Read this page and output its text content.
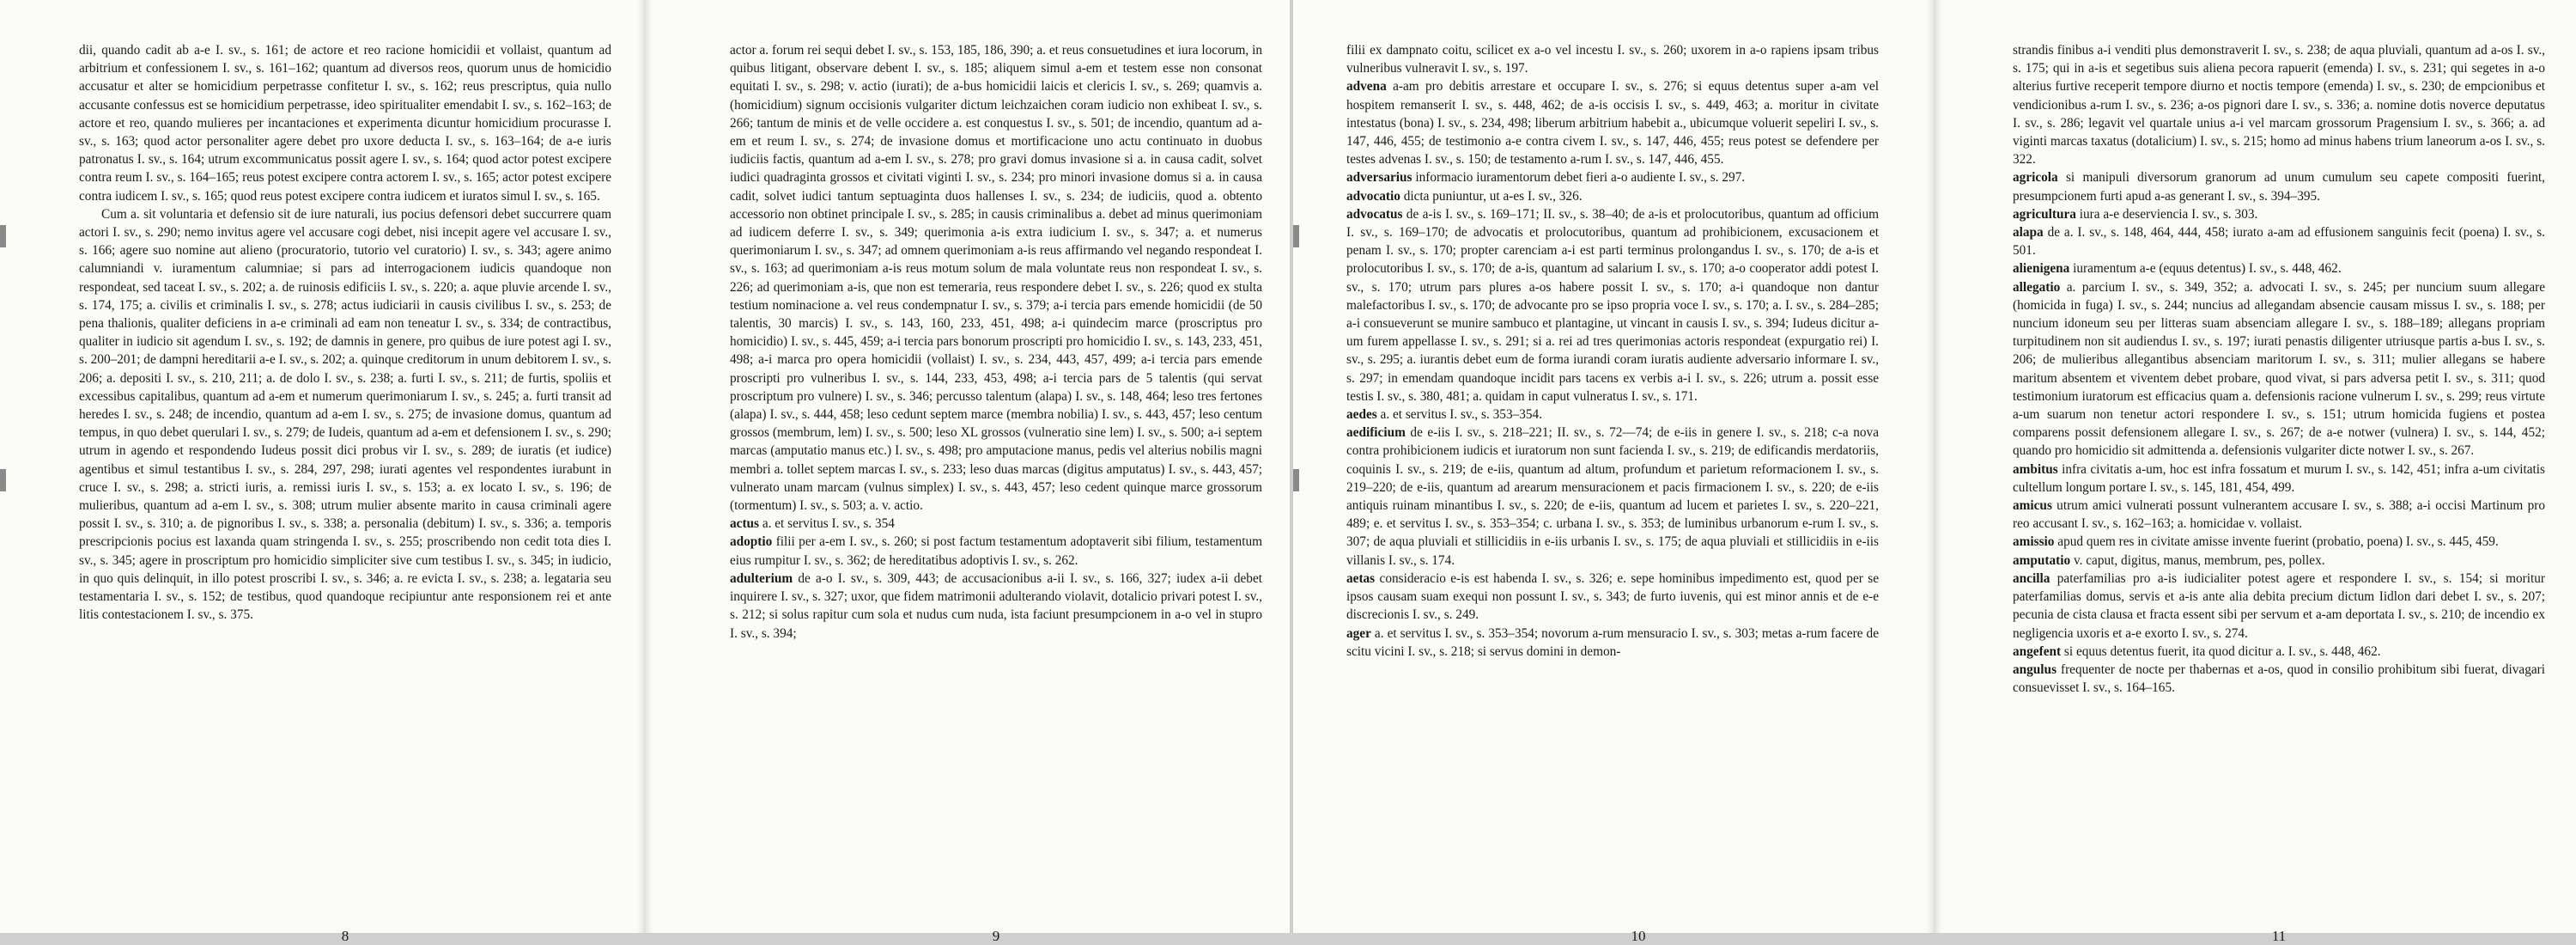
dii, quando cadit ab a-e I. sv., s. 161; de actore et reo racione homicidii et vollaist, quantum ad arbitrium et confessionem I. sv., s. 161–162; quantum ad diversos reos, quorum unus de homicidio accusatur et alter se homicidium perpetrasse confitetur I. sv., s. 162; reus prescriptus, quia nullo accusante confessus est se homicidium perpetrasse, ideo spiritualiter emendabit I. sv., s. 162–163; de actore et reo, quando mulieres per incantaciones et experimenta dicuntur homicidium procurasse I. sv., s. 163; quod actor personaliter agere debet pro uxore deducta I. sv., s. 163–164; de a-e iuris patronatus I. sv., s. 164; utrum excommunicatus possit agere I. sv., s. 164; quod actor potest excipere contra reum I. sv., s. 164–165; reus potest excipere contra actorem I. sv., s. 165; actor potest excipere contra iudicem I. sv., s. 165; quod reus potest excipere contra iudicem et iuratos simul I. sv., s. 165.

Cum a. sit voluntaria et defensio sit de iure naturali, ius pocius defensori debet succurrere quam actori I. sv., s. 290; nemo invitus agere vel accusare cogi debet, nisi incepit agere vel accusare I. sv., s. 166; agere suo nomine aut alieno (procuratorio, tutorio vel curatorio) I. sv., s. 343; agere animo calumniandi v. iuramentum calumniae; si pars ad interrogacionem iudicis quandoque non respondeat, sed taceat I. sv., s. 202; a. de ruinosis edificiis I. sv., s. 220; a. aque pluvie arcende I. sv., s. 174, 175; a. civilis et criminalis I. sv., s. 278; actus iudiciarii in causis civilibus I. sv., s. 253; de pena thalionis, qualiter deficiens in a-e criminali ad eam non teneatur I. sv., s. 334; de contractibus, qualiter in iudicio sit agendum I. sv., s. 192; de damnis in genere, pro quibus de iure potest agi I. sv., s. 200–201; de dampni hereditarii a-e I. sv., s. 202; a. quinque creditorum in unum debitorem I. sv., s. 206; a. depositi I. sv., s. 210, 211; a. de dolo I. sv., s. 238; a. furti I. sv., s. 211; de furtis, spoliis et excessibus capitalibus, quantum ad a-em et numerum querimoniarum I. sv., s. 245; a. furti transit ad heredes I. sv., s. 248; de incendio, quantum ad a-em I. sv., s. 275; de invasione domus, quantum ad tempus, in quo debet querulari I. sv., s. 279; de Iudeis, quantum ad a-em et defensionem I. sv., s. 290; utrum in agendo et respondendo Iudeus possit dici probus vir I. sv., s. 289; de iuratis (et iudice) agentibus et simul testantibus I. sv., s. 284, 297, 298; iurati agentes vel respondentes iurabunt in cruce I. sv., s. 298; a. stricti iuris, a. remissi iuris I. sv., s. 153; a. ex locato I. sv., s. 196; de mulieribus, quantum ad a-em I. sv., s. 308; utrum mulier absente marito in causa criminali agere possit I. sv., s. 310; a. de pignoribus I. sv., s. 338; a. personalia (debitum) I. sv., s. 336; a. temporis prescripcionis pocius est laxanda quam stringenda I. sv., s. 255; proscribendo non cedit tota dies I. sv., s. 345; agere in proscriptum pro homicidio simpliciter sive cum testibus I. sv., s. 345; in iudicio, in quo quis delinquit, in illo potest proscribi I. sv., s. 346; a. re evicta I. sv., s. 238; a. legataria seu testamentaria I. sv., s. 152; de testibus, quod quandoque recipiuntur ante responsionem rei et ante litis contestacionem I. sv., s. 375.

8

actor a. forum rei sequi debet I. sv., s. 153, 185, 186, 390; a. et reus consuetudines et iura locorum, in quibus litigant, observare debent I. sv., s. 185; aliquem simul a-em et testem esse non consonat equitati I. sv., s. 298; v. actio (iurati); de a-bus homicidii laicis et clericis I. sv., s. 269; quamvis a. (homicidium) signum occisionis vulgariter dictum leichzaichen coram iudicio non exhibeat I. sv., s. 266; tantum de minis et de velle occidere a. est conquestus I. sv., s. 501; de incendio, quantum ad a-em et reum I. sv., s. 274; de invasione domus et mortificacione uno actu continuato in duobus iudiciis factis, quantum ad a-em I. sv., s. 278; pro gravi domus invasione si a. in causa cadit, solvet iudici quadraginta grossos et civitati viginti I. sv., s. 234; pro minori invasione domus si a. in causa cadit, solvet iudici tantum septuaginta duos hallenses I. sv., s. 234; de iudiciis, quod a. obtento accessorio non obtinet principale I. sv., s. 285; in causis criminalibus a. debet ad minus querimoniam ad iudicem deferre I. sv., s. 349; querimonia a-is extra iudicium I. sv., s. 347; a. et numerus querimoniarum I. sv., s. 347; ad omnem querimoniam a-is reus affirmando vel negando respondeat I. sv., s. 163; ad querimoniam a-is reus motum solum de mala voluntate reus non respondeat I. sv., s. 226; ad querimoniam a-is, que non est temeraria, reus respondere debet I. sv., s. 226; quod ex stulta testium nominacione a. vel reus condempnatur I. sv., s. 379; a-i tercia pars emende homicidii (de 50 talentis, 30 marcis) I. sv., s. 143, 160, 233, 451, 498; a-i quindecim marce (proscriptus pro homicidio) I. sv., s. 445, 459; a-i tercia pars bonorum proscripti pro homicidio I. sv., s. 143, 233, 451, 498; a-i marca pro opera homicidii (vollaist) I. sv., s. 234, 443, 457, 499; a-i tercia pars emende proscripti pro vulneribus I. sv., s. 144, 233, 453, 498; a-i tercia pars de 5 talentis (qui servat proscriptum pro vulnere) I. sv., s. 346; percusso talentum (alapa) I. sv., s. 148, 464; leso tres fertones (alapa) I. sv., s. 444, 458; leso cedunt septem marce (membra nobilia) I. sv., s. 443, 457; leso centum grossos (membrum, lem) I. sv., s. 500; leso XL grossos (vulneratio sine lem) I. sv., s. 500; a-i septem marcas (amputatio manus etc.) I. sv., s. 498; pro amputacione manus, pedis vel alterius nobilis magni membri a. tollet septem marcas I. sv., s. 233; leso duas marcas (digitus amputatus) I. sv., s. 443, 457; vulnerato unam marcam (vulnus simplex) I. sv., s. 443, 457; leso cedent quinque marce grossorum (tormentum) I. sv., s. 503; a. v. actio.

actus a. et servitus I. sv., s. 354

adoptio filii per a-em I. sv., s. 260; si post factum testamentum adoptaverit sibi filium, testamentum eius rumpitur I. sv., s. 362; de hereditatibus adoptivis I. sv., s. 262.

adulterium de a-o I. sv., s. 309, 443; de accusacionibus a-ii I. sv., s. 166, 327; iudex a-ii debet inquirere I. sv., s. 327; uxor, que fidem matrimonii adulterando violavit, dotalicio privari potest I. sv., s. 212; si solus rapitur cum sola et nudus cum nuda, ista faciunt presumpcionem in a-o vel in stupro I. sv., s. 394;

9

filii ex dampnato coitu, scilicet ex a-o vel incestu I. sv., s. 260; uxorem in a-o rapiens ipsam tribus vulneribus vulneravit I. sv., s. 197.

advena a-am pro debitis arrestare et occupare I. sv., s. 276; si equus detentus super a-am vel hospitem remanserit I. sv., s. 448, 462; de a-is occisis I. sv., s. 449, 463; a. moritur in civitate intestatus (bona) I. sv., s. 234, 498; liberum arbitrium habebit a., ubicumque voluerit sepeliri I. sv., s. 147, 446, 455; de testimonio a-e contra civem I. sv., s. 147, 446, 455; reus potest se defendere per testes advenas I. sv., s. 150; de testamento a-rum I. sv., s. 147, 446, 455.

adversarius informacio iuramentorum debet fieri a-o audiente I. sv., s. 297.

advocatio dicta puniuntur, ut a-es I. sv., 326.

advocatus de a-is I. sv., s. 169–171; II. sv., s. 38–40; de a-is et prolocutoribus, quantum ad officium I. sv., s. 169–170; de advocatis et prolocutoribus, quantum ad prohibicionem, excusacionem et penam I. sv., s. 170; propter carenciam a-i est parti terminus prolongandus I. sv., s. 170; de a-is et prolocutoribus I. sv., s. 170; de a-is, quantum ad salarium I. sv., s. 170; a-o cooperator addi potest I. sv., s. 170; utrum pars plures a-os habere possit I. sv., s. 170; a-i quandoque non dantur malefactoribus I. sv., s. 170; de advocante pro se ipso propria voce I. sv., s. 170; a. I. sv., s. 284–285; a-i consueverunt se munire sambuco et plantagine, ut vincant in causis I. sv., s. 394; Iudeus dicitur a-um furem appellasse I. sv., s. 291; si a. rei ad tres querimonias actoris respondeat (expurgatio rei) I. sv., s. 295; a. iurantis debet eum de forma iurandi coram iuratis audiente adversario informare I. sv., s. 297; in emendam quandoque incidit pars tacens ex verbis a-i I. sv., s. 226; utrum a. possit esse testis I. sv., s. 380, 481; a. quidam in caput vulneratus I. sv., s. 171.

aedes a. et servitus I. sv., s. 353–354.

aedificium de e-iis I. sv., s. 218–221; II. sv., s. 72—74; de e-iis in genere I. sv., s. 218; c-a nova contra prohibicionem iudicis et iuratorum non sunt facienda I. sv., s. 219; de edificandis merdatoriis, coquinis I. sv., s. 219; de e-iis, quantum ad altum, profundum et parietum reformacionem I. sv., s. 219–220; de e-iis, quantum ad arearum mensuracionem et pacis firmacionem I. sv., s. 220; de e-iis antiquis ruinam minantibus I. sv., s. 220; de e-iis, quantum ad lucem et parietes I. sv., s. 220–221, 489; e. et servitus I. sv., s. 353–354; c. urbana I. sv., s. 353; de luminibus urbanorum e-rum I. sv., s. 307; de aqua pluviali et stillicidiis in e-iis urbanis I. sv., s. 175; de aqua pluviali et stillicidiis in e-iis villanis I. sv., s. 174.

aetas consideracio e-is est habenda I. sv., s. 326; e. sepe hominibus impedimento est, quod per se ipsos causam suam exequi non possunt I. sv., s. 343; de furto iuvenis, qui est minor annis et de e-e discrecionis I. sv., s. 249.

ager a. et servitus I. sv., s. 353–354; novorum a-rum mensuracio I. sv., s. 303; metas a-rum facere de scitu vicini I. sv., s. 218; si servus domini in demon-

10

strandis finibus a-i venditi plus demonstraverit I. sv., s. 238; de aqua pluviali, quantum ad a-os I. sv., s. 175; qui in a-is et segetibus suis aliena pecora rapuerit (emenda) I. sv., s. 231; qui segetes in a-o alterius furtive receperit tempore diurno et noctis tempore (emenda) I. sv., s. 230; de empcionibus et vendicionibus a-rum I. sv., s. 236; a-os pignori dare I. sv., s. 336; a. nomine dotis noverce deputatus I. sv., s. 286; legavit vel quartale unius a-i vel marcam grossorum Pragensium I. sv., s. 366; a. ad viginti marcas taxatus (dotalicium) I. sv., s. 215; homo ad minus habens trium laneorum a-os I. sv., s. 322.

agricola si manipuli diversorum granorum ad unum cumulum seu capete compositi fuerint, presumpcionem furti apud a-as generant I. sv., s. 394–395.

agricultura iura a-e deserviencia I. sv., s. 303.

alapa de a. I. sv., s. 148, 464, 444, 458; iurato a-am ad effusionem sanguinis fecit (poena) I. sv., s. 501.

alienigena iuramentum a-e (equus detentus) I. sv., s. 448, 462.

allegatio a. parcium I. sv., s. 349, 352; a. advocati I. sv., s. 245; per nuncium suum allegare (homicida in fuga) I. sv., s. 244; nuncius ad allegandam absencie causam missus I. sv., s. 188; per nuncium idoneum seu per litteras suam absenciam allegare I. sv., s. 188–189; allegans propriam turpitudinem non sit audiendus I. sv., s. 197; iurati penastis diligenter utriusque partis a-bus I. sv., s. 206; de mulieribus allegantibus absenciam maritorum I. sv., s. 311; mulier allegans se habere maritum absentem et viventem debet probare, quod vivat, si pars adversa petit I. sv., s. 311; quod testimonium iuratorum est efficacius quam a. defensionis racione vulnerum I. sv., s. 299; reus virtute a-um suarum non tenetur actori respondere I. sv., s. 151; utrum homicida fugiens et postea comparens possit defensionem allegare I. sv., s. 267; de a-e notwer (vulnera) I. sv., s. 144, 452; quando pro homicidio sit admittenda a. defensionis vulgariter dicte notwer I. sv., s. 267.

ambitus infra civitatis a-um, hoc est infra fossatum et murum I. sv., s. 142, 451; infra a-um civitatis cultellum longum portare I. sv., s. 145, 181, 454, 499.

amicus utrum amici vulnerati possunt vulnerantem accusare I. sv., s. 388; a-i occisi Martinum pro reo accusant I. sv., s. 162–163; a. homicidae v. vollaist.

amissio apud quem res in civitate amisse invente fuerint (probatio, poena) I. sv., s. 445, 459.

amputatio v. caput, digitus, manus, membrum, pes, pollex.

ancilla paterfamilias pro a-is iudicialiter potest agere et respondere I. sv., s. 154; si moritur paterfamilias domus, servis et a-is ante alia debita precium dictum Iidlon dari debet I. sv., s. 207; pecunia de cista clausa et fracta essent sibi per servum et a-am deportata I. sv., s. 210; de incendio ex negligencia uxoris et a-e exorto I. sv., s. 274.

angefent si equus detentus fuerit, ita quod dicitur a. I. sv., s. 448, 462.

angulus frequenter de nocte per thabernas et a-os, quod in consilio prohibitum sibi fuerat, divagari consuevisset I. sv., s. 164–165.

11
